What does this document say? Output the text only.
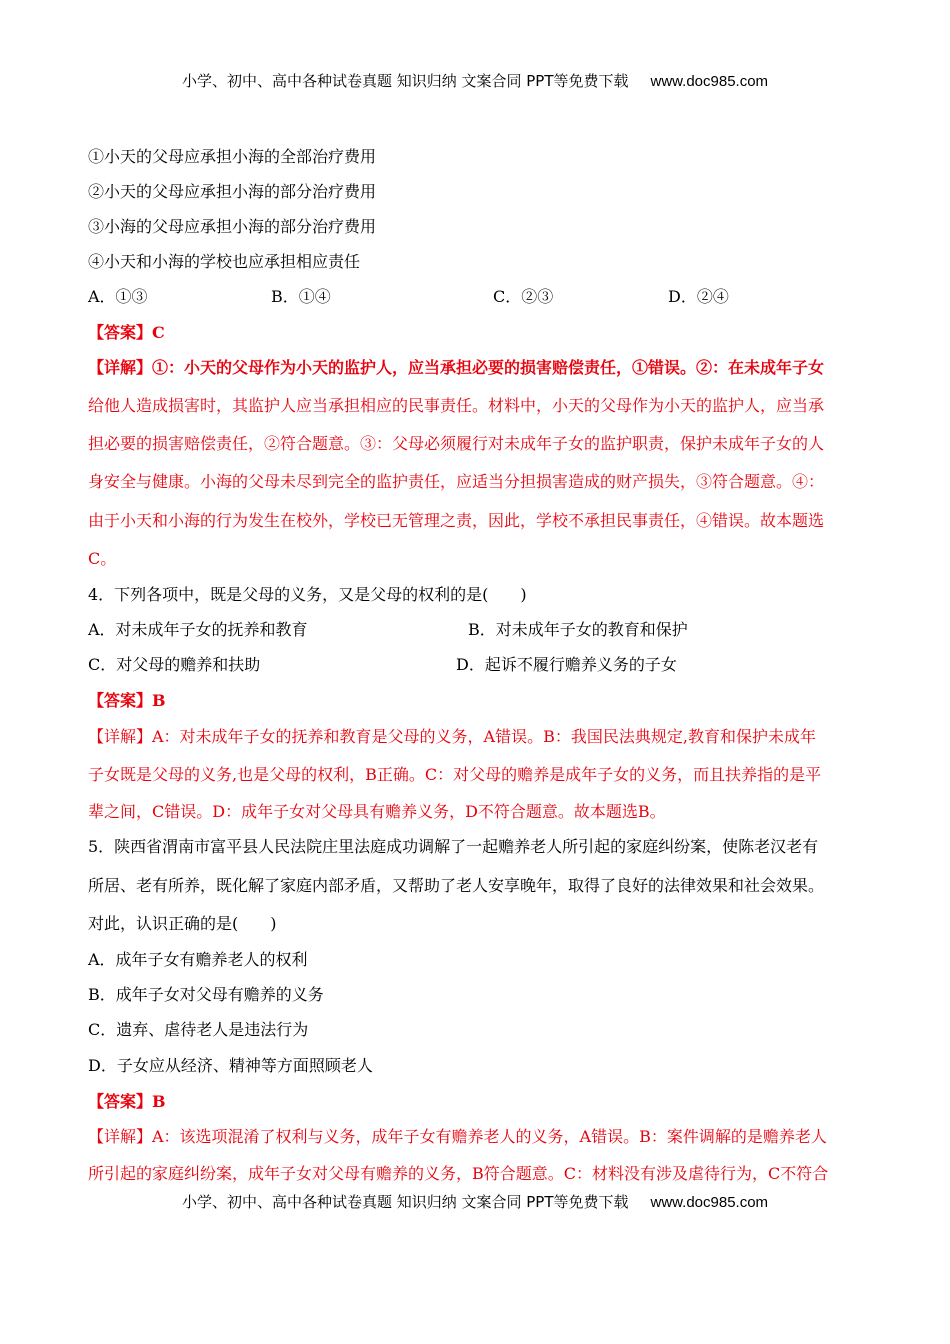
小学、初中、高中各种试卷真题 知识归纳 文案合同 PPT等免费下载 www.doc985.com
①小天的父母应承担小海的全部治疗费用
②小天的父母应承担小海的部分治疗费用
③小海的父母应承担小海的部分治疗费用
④小天和小海的学校也应承担相应责任
A．①③	B．①④	C．②③	D．②④
【答案】C
【详解】①：小天的父母作为小天的监护人，应当承担必要的损害赔偿责任，①错误。②：在未成年子女
给他人造成损害时，其监护人应当承担相应的民事责任。材料中，小天的父母作为小天的监护人，应当承
担必要的损害赔偿责任，②符合题意。③：父母必须履行对未成年子女的监护职责，保护未成年子女的人
身安全与健康。小海的父母未尽到完全的监护责任，应适当分担损害造成的财产损失，③符合题意。④：
由于小天和小海的行为发生在校外，学校已无管理之责，因此，学校不承担民事责任，④错误。故本题选
C。
4．下列各项中，既是父母的义务，又是父母的权利的是(　　)
A．对未成年子女的抚养和教育	B．对未成年子女的教育和保护
C．对父母的赡养和扶助	D．起诉不履行赡养义务的子女
【答案】B
【详解】A：对未成年子女的抚养和教育是父母的义务，A错误。B：我国民法典规定,教育和保护未成年
子女既是父母的义务,也是父母的权利，B正确。C：对父母的赡养是成年子女的义务，而且扶养指的是平
辈之间，C错误。D：成年子女对父母具有赡养义务，D不符合题意。故本题选B。
5．陕西省渭南市富平县人民法院庄里法庭成功调解了一起赡养老人所引起的家庭纠纷案，使陈老汉老有
所居、老有所养，既化解了家庭内部矛盾，又帮助了老人安享晚年，取得了良好的法律效果和社会效果。
对此，认识正确的是(　　)
A．成年子女有赡养老人的权利
B．成年子女对父母有赡养的义务
C．遗弃、虐待老人是违法行为
D．子女应从经济、精神等方面照顾老人
【答案】B
【详解】A：该选项混淆了权利与义务，成年子女有赡养老人的义务，A错误。B：案件调解的是赡养老人
所引起的家庭纠纷案，成年子女对父母有赡养的义务，B符合题意。C：材料没有涉及虐待行为，C不符合
小学、初中、高中各种试卷真题 知识归纳 文案合同 PPT等免费下载 www.doc985.com
